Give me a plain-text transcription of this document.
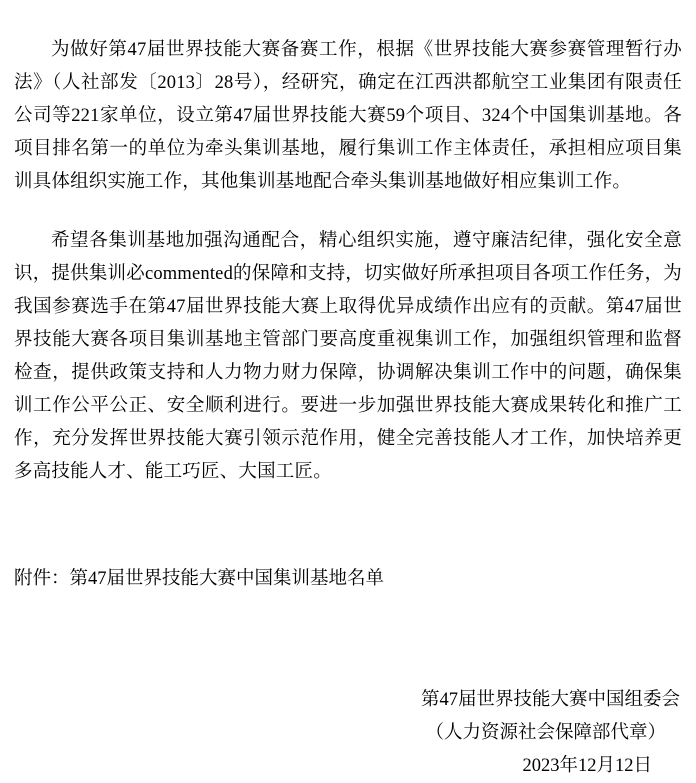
为做好第47届世界技能大赛备赛工作，根据《世界技能大赛参赛管理暂行办法》（人社部发〔2013〕28号），经研究，确定在江西洪都航空工业集团有限责任公司等221家单位，设立第47届世界技能大赛59个项目、324个中国集训基地。各项目排名第一的单位为牵头集训基地，履行集训工作主体责任，承担相应项目集训具体组织实施工作，其他集训基地配合牵头集训基地做好相应集训工作。

希望各集训基地加强沟通配合，精心组织实施，遵守廉洁纪律，强化安全意识，提供集训必commented的保障和支持，切实做好所承担项目各项工作任务，为我国参赛选手在第47届世界技能大赛上取得优异成绩作出应有的贡献。第47届世界技能大赛各项目集训基地主管部门要高度重视集训工作，加强组织管理和监督检查，提供政策支持和人力物力财力保障，协调解决集训工作中的问题，确保集训工作公平公正、安全顺利进行。要进一步加强世界技能大赛成果转化和推广工作，充分发挥世界技能大赛引领示范作用，健全完善技能人才工作，加快培养更多高技能人才、能工巧匠、大国工匠。

附件：第47届世界技能大赛中国集训基地名单

第47届世界技能大赛中国组委会
（人力资源社会保障部代章）
2023年12月12日
